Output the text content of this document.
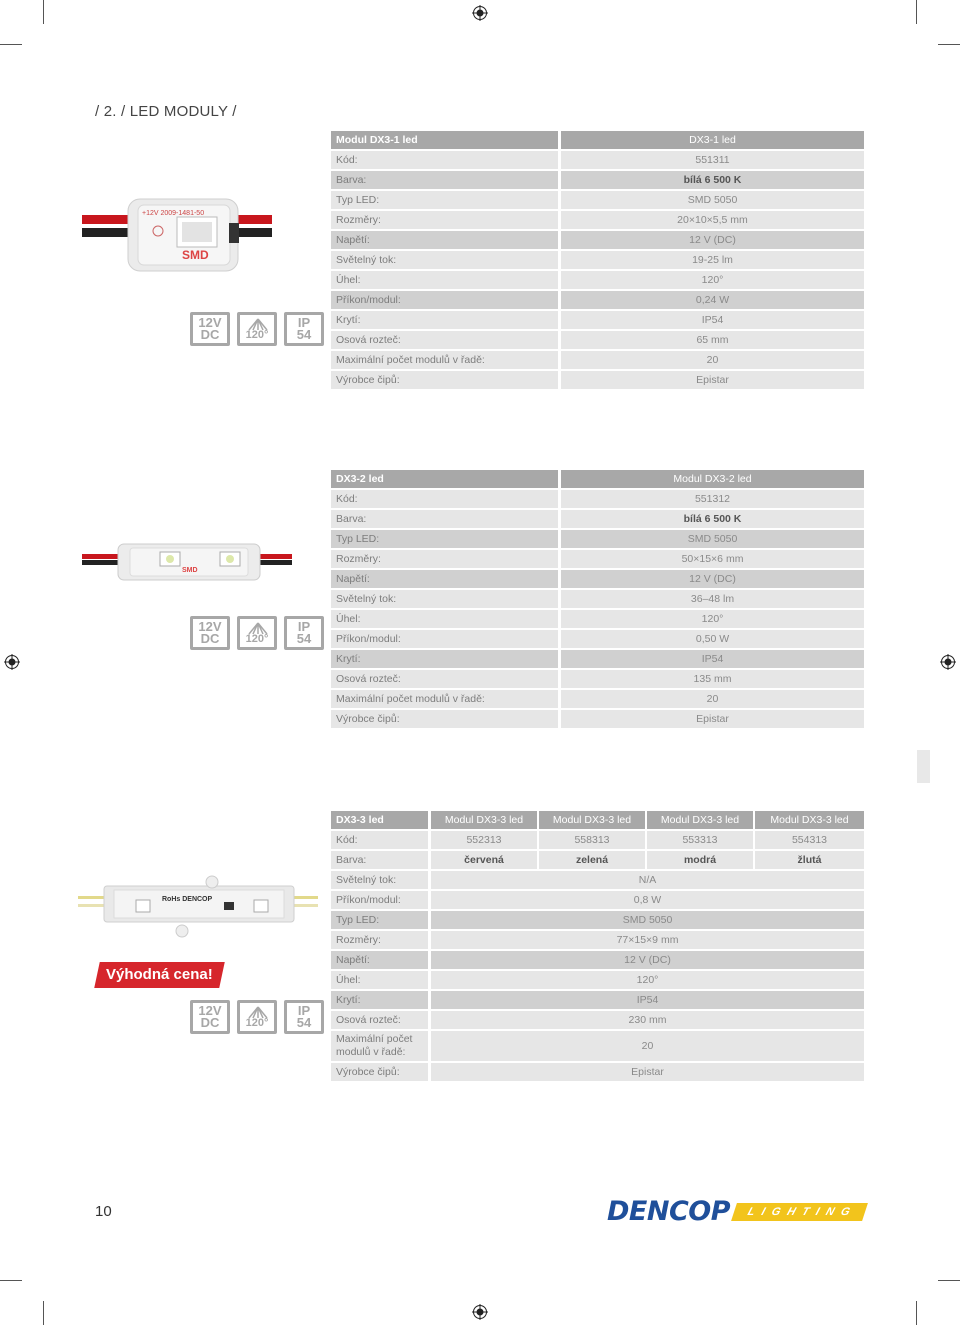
/ 2. / LED MODULY /
+12V 2009-1481-50
SMD
12V
DC	120°
IP
54
Modul DX3-1 led	DX3-1 led
Kód:	551311
Barva:	bílá 6 500 K
Typ LED:	SMD 5050
Rozměry:	20×10×5,5 mm
Napětí:	12 V (DC)
Světelný tok:	19-25 lm
Úhel:	120°
Příkon/modul:	0,24 W
Krytí:	IP54
Osová rozteč:	65 mm
Maximální počet modulů v řadě:	20
Výrobce čipů:	Epistar
SMD
12V
DC	120°
IP
54
DX3-2 led	Modul DX3-2 led
Kód:	551312
Barva:	bílá 6 500 K
Typ LED:	SMD 5050
Rozměry:	50×15×6 mm
Napětí:	12 V (DC)
Světelný tok:	36–48 lm
Úhel:	120°
Příkon/modul:	0,50 W
Krytí:	IP54
Osová rozteč:	135 mm
Maximální počet modulů v řadě:	20
Výrobce čipů:	Epistar
RoHs DENCOP
Výhodná cena!
12V
DC	120°
IP
54
DX3-3 led	Modul DX3-3 led	Modul DX3-3 led	Modul DX3-3 led	Modul DX3-3 led
Kód:	552313	558313	553313	554313
Barva:	červená	zelená	modrá	žlutá
Světelný tok:	N/A			
Příkon/modul:	0,8 W			
Typ LED:	SMD 5050			
Rozměry:	77×15×9 mm			
Napětí:	12 V (DC)			
Úhel:	120°			
Krytí:	IP54			
Osová rozteč:	230 mm			
Maximální počet modulů v řadě:	20			
Výrobce čipů:	Epistar			
10	DENCOP	LIGHTING
